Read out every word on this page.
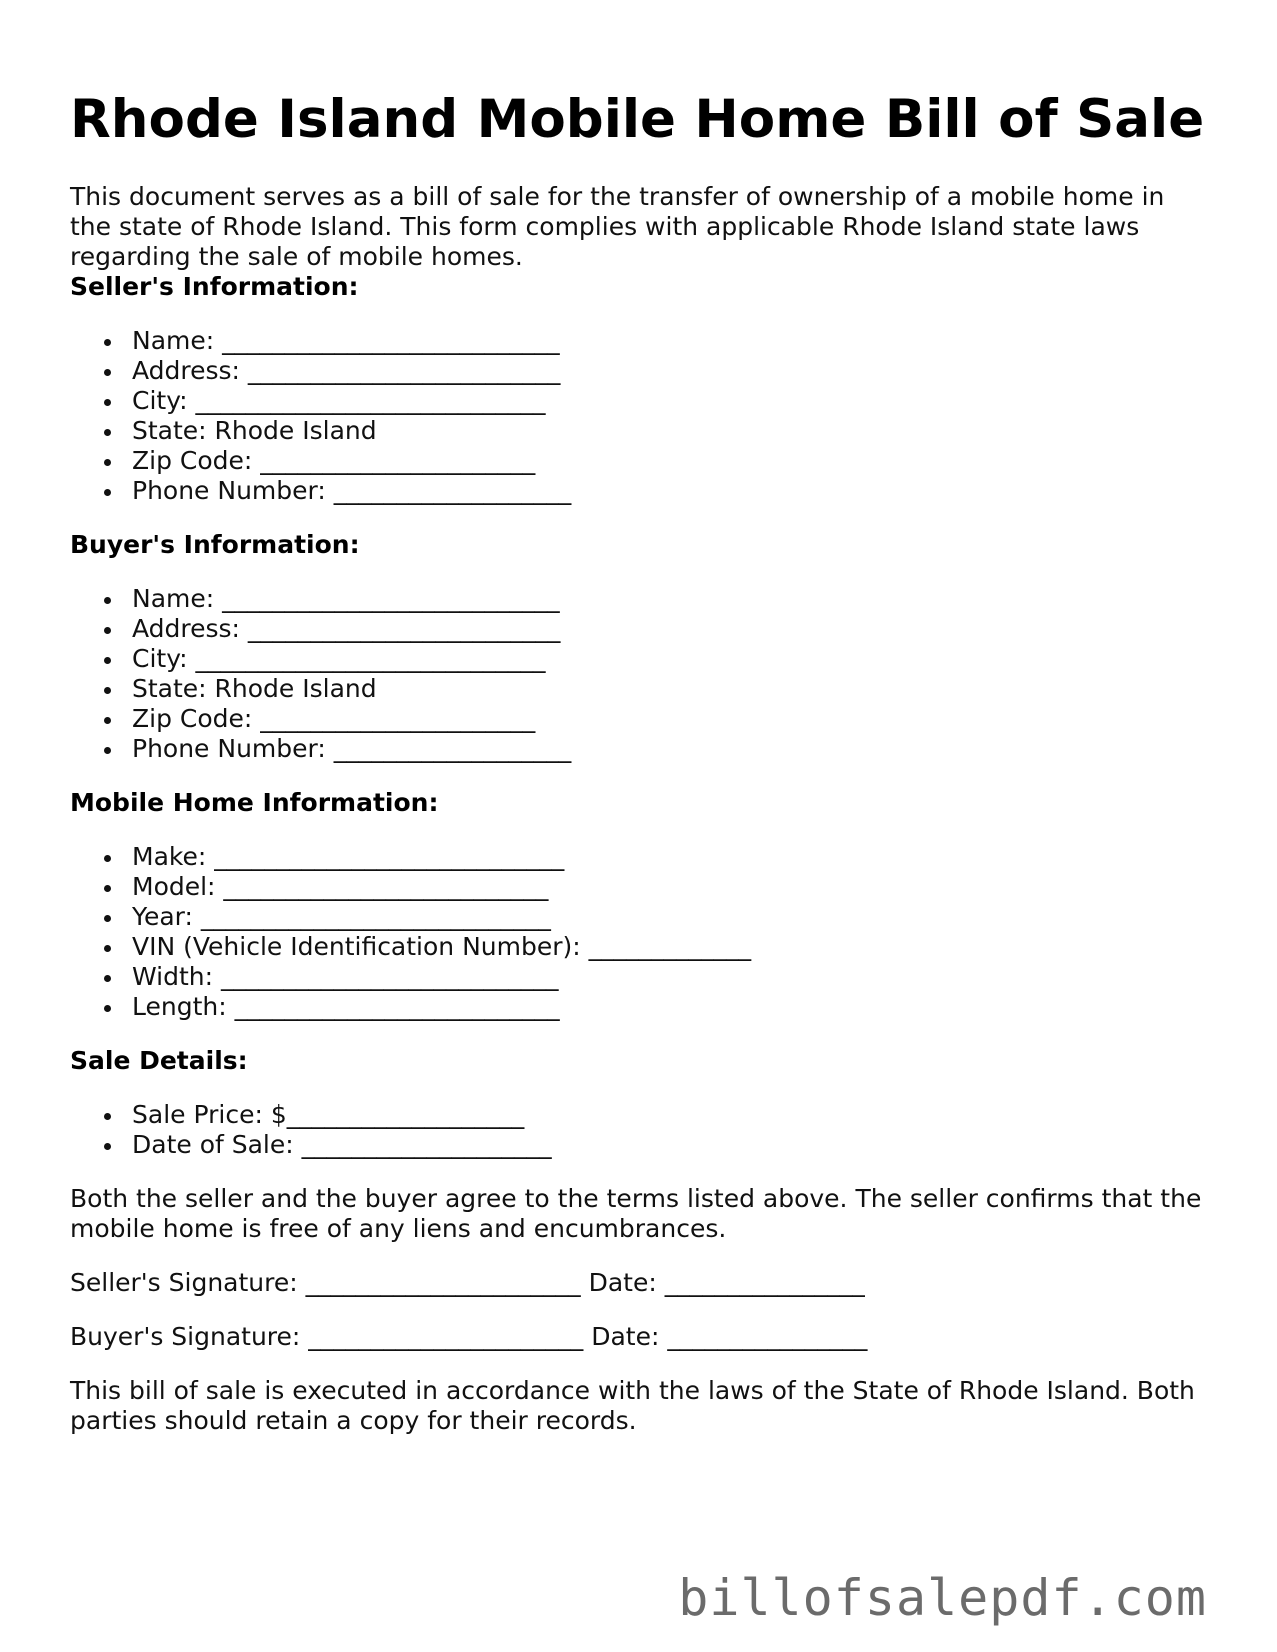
Rhode Island Mobile Home Bill of Sale

This document serves as a bill of sale for the transfer of ownership of a mobile home in the state of Rhode Island. This form complies with applicable Rhode Island state laws regarding the sale of mobile homes.

Seller's Information:
Name: ___________________________
Address: _________________________
City: ____________________________
State: Rhode Island
Zip Code: ______________________
Phone Number: ___________________
Buyer's Information:
Name: ___________________________
Address: _________________________
City: ____________________________
State: Rhode Island
Zip Code: ______________________
Phone Number: ___________________
Mobile Home Information:
Make: ____________________________
Model: __________________________
Year: ____________________________
VIN (Vehicle Identification Number): _____________
Width: ___________________________
Length: __________________________
Sale Details:
Sale Price: $___________________
Date of Sale: ____________________

Both the seller and the buyer agree to the terms listed above. The seller confirms that the mobile home is free of any liens and encumbrances.

Seller's Signature: ______________________ Date: ________________

Buyer's Signature: ______________________ Date: ________________

This bill of sale is executed in accordance with the laws of the State of Rhode Island. Both parties should retain a copy for their records.

billofsalepdf.com
